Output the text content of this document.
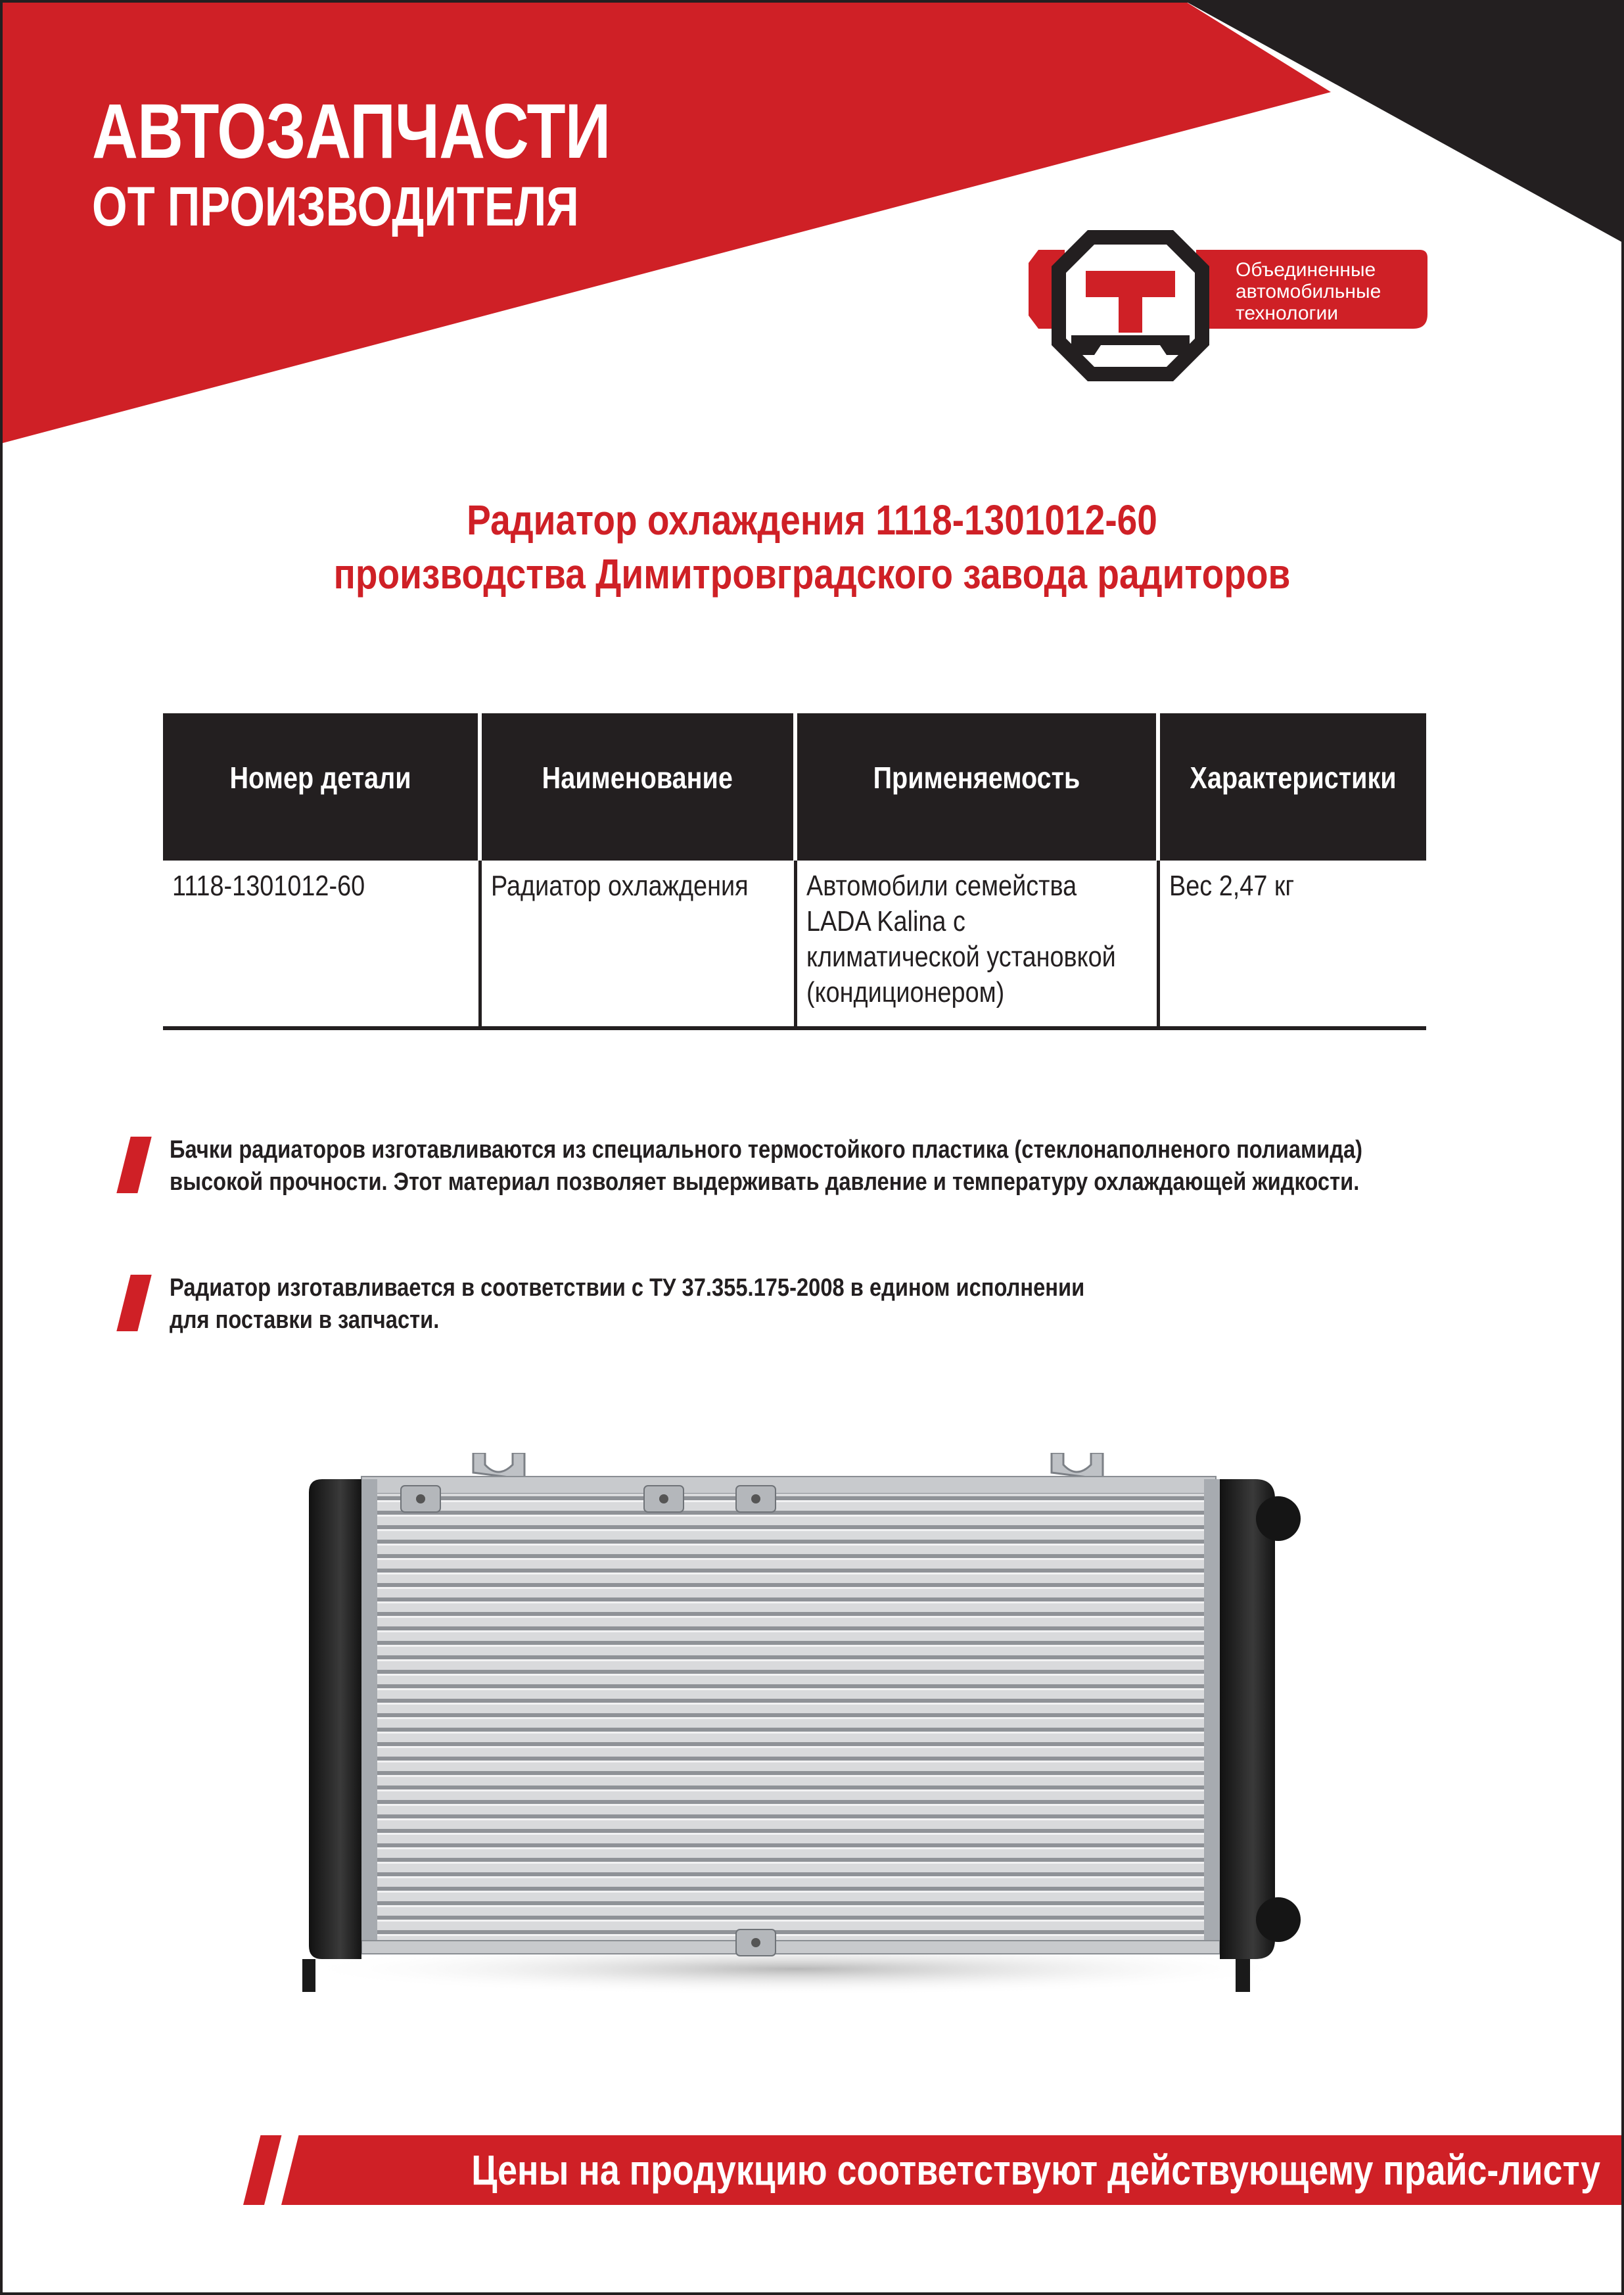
АВТОЗАПЧАСТИ
ОТ ПРОИЗВОДИТЕЛЯ
Объединенные
автомобильные
технологии
Радиатор охлаждения 1118-1301012-60
производства Димитровградского завода радиторов
Номер детали	Наименование	Применяемость	Характеристики
1118-1301012-60	Радиатор охлаждения	Автомобили семейства
LADA Kalina с
климатической установкой
(кондиционером)	Вес 2,47 кг
Бачки радиаторов изготавливаются из специального термостойкого пластика (стеклонаполненого полиамида)
высокой прочности. Этот материал позволяет выдерживать давление и температуру охлаждающей жидкости.
Радиатор изготавливается в соответствии с ТУ 37.355.175-2008 в едином исполнении
для поставки в запчасти.
Цены на продукцию соответствуют действующему прайс-листу
